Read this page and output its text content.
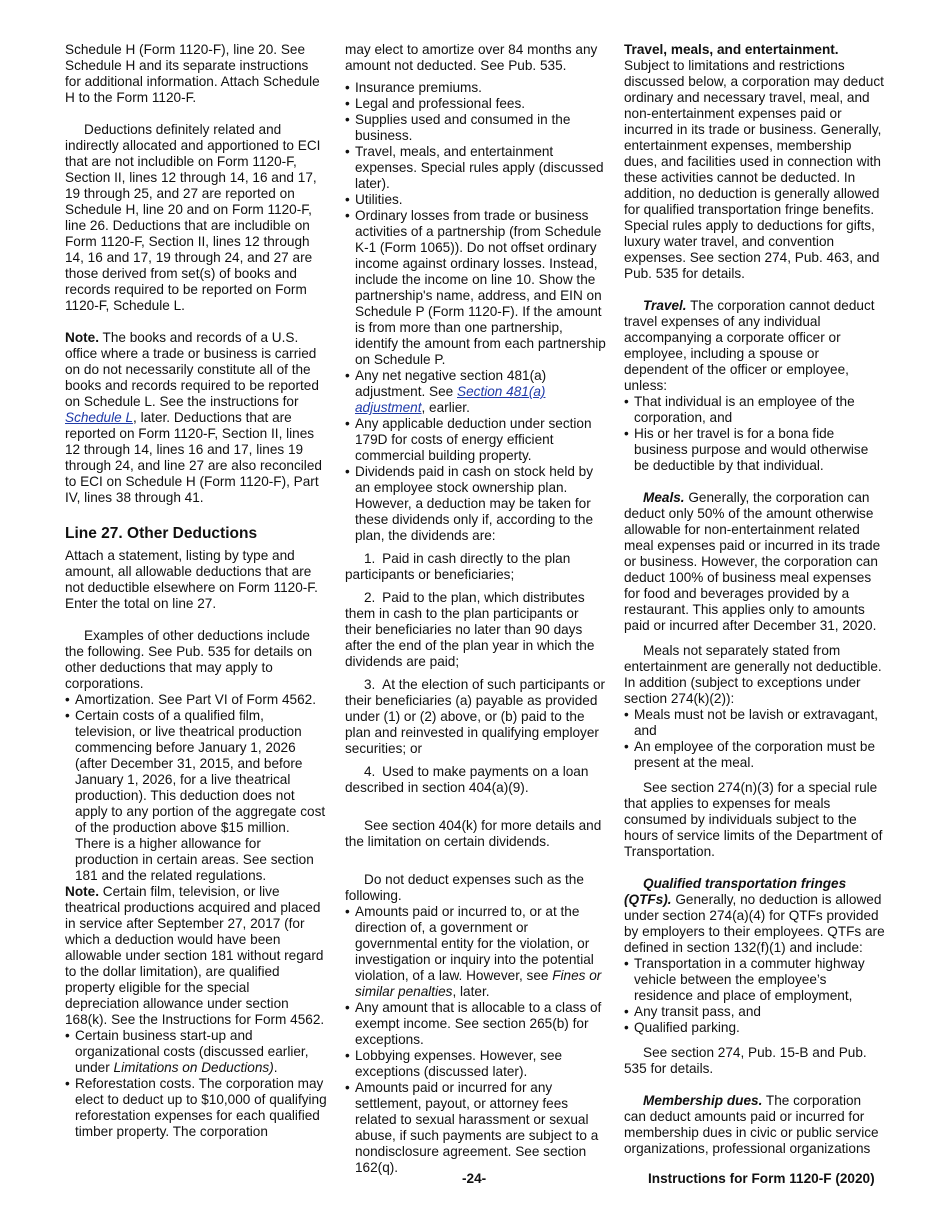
Schedule H (Form 1120-F), line 20. See Schedule H and its separate instructions for additional information. Attach Schedule H to the Form 1120-F.

Deductions definitely related and indirectly allocated and apportioned to ECI that are not includible on Form 1120-F, Section II, lines 12 through 14, 16 and 17, 19 through 25, and 27 are reported on Schedule H, line 20 and on Form 1120-F, line 26. Deductions that are includible on Form 1120-F, Section II, lines 12 through 14, 16 and 17, 19 through 24, and 27 are those derived from set(s) of books and records required to be reported on Form 1120-F, Schedule L.

Note. The books and records of a U.S. office where a trade or business is carried on do not necessarily constitute all of the books and records required to be reported on Schedule L. See the instructions for Schedule L, later. Deductions that are reported on Form 1120-F, Section II, lines 12 through 14, lines 16 and 17, lines 19 through 24, and line 27 are also reconciled to ECI on Schedule H (Form 1120-F), Part IV, lines 38 through 41.

Line 27. Other Deductions

Attach a statement, listing by type and amount, all allowable deductions that are not deductible elsewhere on Form 1120-F. Enter the total on line 27.

Examples of other deductions include the following. See Pub. 535 for details on other deductions that may apply to corporations.

• Amortization. See Part VI of Form 4562.

• Certain costs of a qualified film, television, or live theatrical production commencing before January 1, 2026 (after December 31, 2015, and before January 1, 2026, for a live theatrical production). This deduction does not apply to any portion of the aggregate cost of the production above $15 million. There is a higher allowance for production in certain areas. See section 181 and the related regulations.

Note. Certain film, television, or live theatrical productions acquired and placed in service after September 27, 2017 (for which a deduction would have been allowable under section 181 without regard to the dollar limitation), are qualified property eligible for the special depreciation allowance under section 168(k). See the Instructions for Form 4562.

• Certain business start-up and organizational costs (discussed earlier, under Limitations on Deductions).

• Reforestation costs. The corporation may elect to deduct up to $10,000 of qualifying reforestation expenses for each qualified timber property. The corporation

may elect to amortize over 84 months any amount not deducted. See Pub. 535.

• Insurance premiums.

• Legal and professional fees.

• Supplies used and consumed in the business.

• Travel, meals, and entertainment expenses. Special rules apply (discussed later).

• Utilities.

• Ordinary losses from trade or business activities of a partnership (from Schedule K-1 (Form 1065)). Do not offset ordinary income against ordinary losses. Instead, include the income on line 10. Show the partnership's name, address, and EIN on Schedule P (Form 1120-F). If the amount is from more than one partnership, identify the amount from each partnership on Schedule P.

• Any net negative section 481(a) adjustment. See Section 481(a) adjustment, earlier.

• Any applicable deduction under section 179D for costs of energy efficient commercial building property.

• Dividends paid in cash on stock held by an employee stock ownership plan. However, a deduction may be taken for these dividends only if, according to the plan, the dividends are:

1. Paid in cash directly to the plan participants or beneficiaries;

2. Paid to the plan, which distributes them in cash to the plan participants or their beneficiaries no later than 90 days after the end of the plan year in which the dividends are paid;

3. At the election of such participants or their beneficiaries (a) payable as provided under (1) or (2) above, or (b) paid to the plan and reinvested in qualifying employer securities; or

4. Used to make payments on a loan described in section 404(a)(9).

See section 404(k) for more details and the limitation on certain dividends.

Do not deduct expenses such as the following.

• Amounts paid or incurred to, or at the direction of, a government or governmental entity for the violation, or investigation or inquiry into the potential violation, of a law. However, see Fines or similar penalties, later.

• Any amount that is allocable to a class of exempt income. See section 265(b) for exceptions.

• Lobbying expenses. However, see exceptions (discussed later).

• Amounts paid or incurred for any settlement, payout, or attorney fees related to sexual harassment or sexual abuse, if such payments are subject to a nondisclosure agreement. See section 162(q).

Travel, meals, and entertainment.

Subject to limitations and restrictions discussed below, a corporation may deduct ordinary and necessary travel, meal, and non-entertainment expenses paid or incurred in its trade or business. Generally, entertainment expenses, membership dues, and facilities used in connection with these activities cannot be deducted. In addition, no deduction is generally allowed for qualified transportation fringe benefits. Special rules apply to deductions for gifts, luxury water travel, and convention expenses. See section 274, Pub. 463, and Pub. 535 for details.

Travel. The corporation cannot deduct travel expenses of any individual accompanying a corporate officer or employee, including a spouse or dependent of the officer or employee, unless:

• That individual is an employee of the corporation, and

• His or her travel is for a bona fide business purpose and would otherwise be deductible by that individual.

Meals. Generally, the corporation can deduct only 50% of the amount otherwise allowable for non-entertainment related meal expenses paid or incurred in its trade or business. However, the corporation can deduct 100% of business meal expenses for food and beverages provided by a restaurant. This applies only to amounts paid or incurred after December 31, 2020.

Meals not separately stated from entertainment are generally not deductible. In addition (subject to exceptions under section 274(k)(2)):

• Meals must not be lavish or extravagant, and

• An employee of the corporation must be present at the meal.

See section 274(n)(3) for a special rule that applies to expenses for meals consumed by individuals subject to the hours of service limits of the Department of Transportation.

Qualified transportation fringes (QTFs). Generally, no deduction is allowed under section 274(a)(4) for QTFs provided by employers to their employees. QTFs are defined in section 132(f)(1) and include:

• Transportation in a commuter highway vehicle between the employee’s residence and place of employment,

• Any transit pass, and

• Qualified parking.

See section 274, Pub. 15-B and Pub. 535 for details.

Membership dues. The corporation can deduct amounts paid or incurred for membership dues in civic or public service organizations, professional organizations

-24-	Instructions for Form 1120-F (2020)
